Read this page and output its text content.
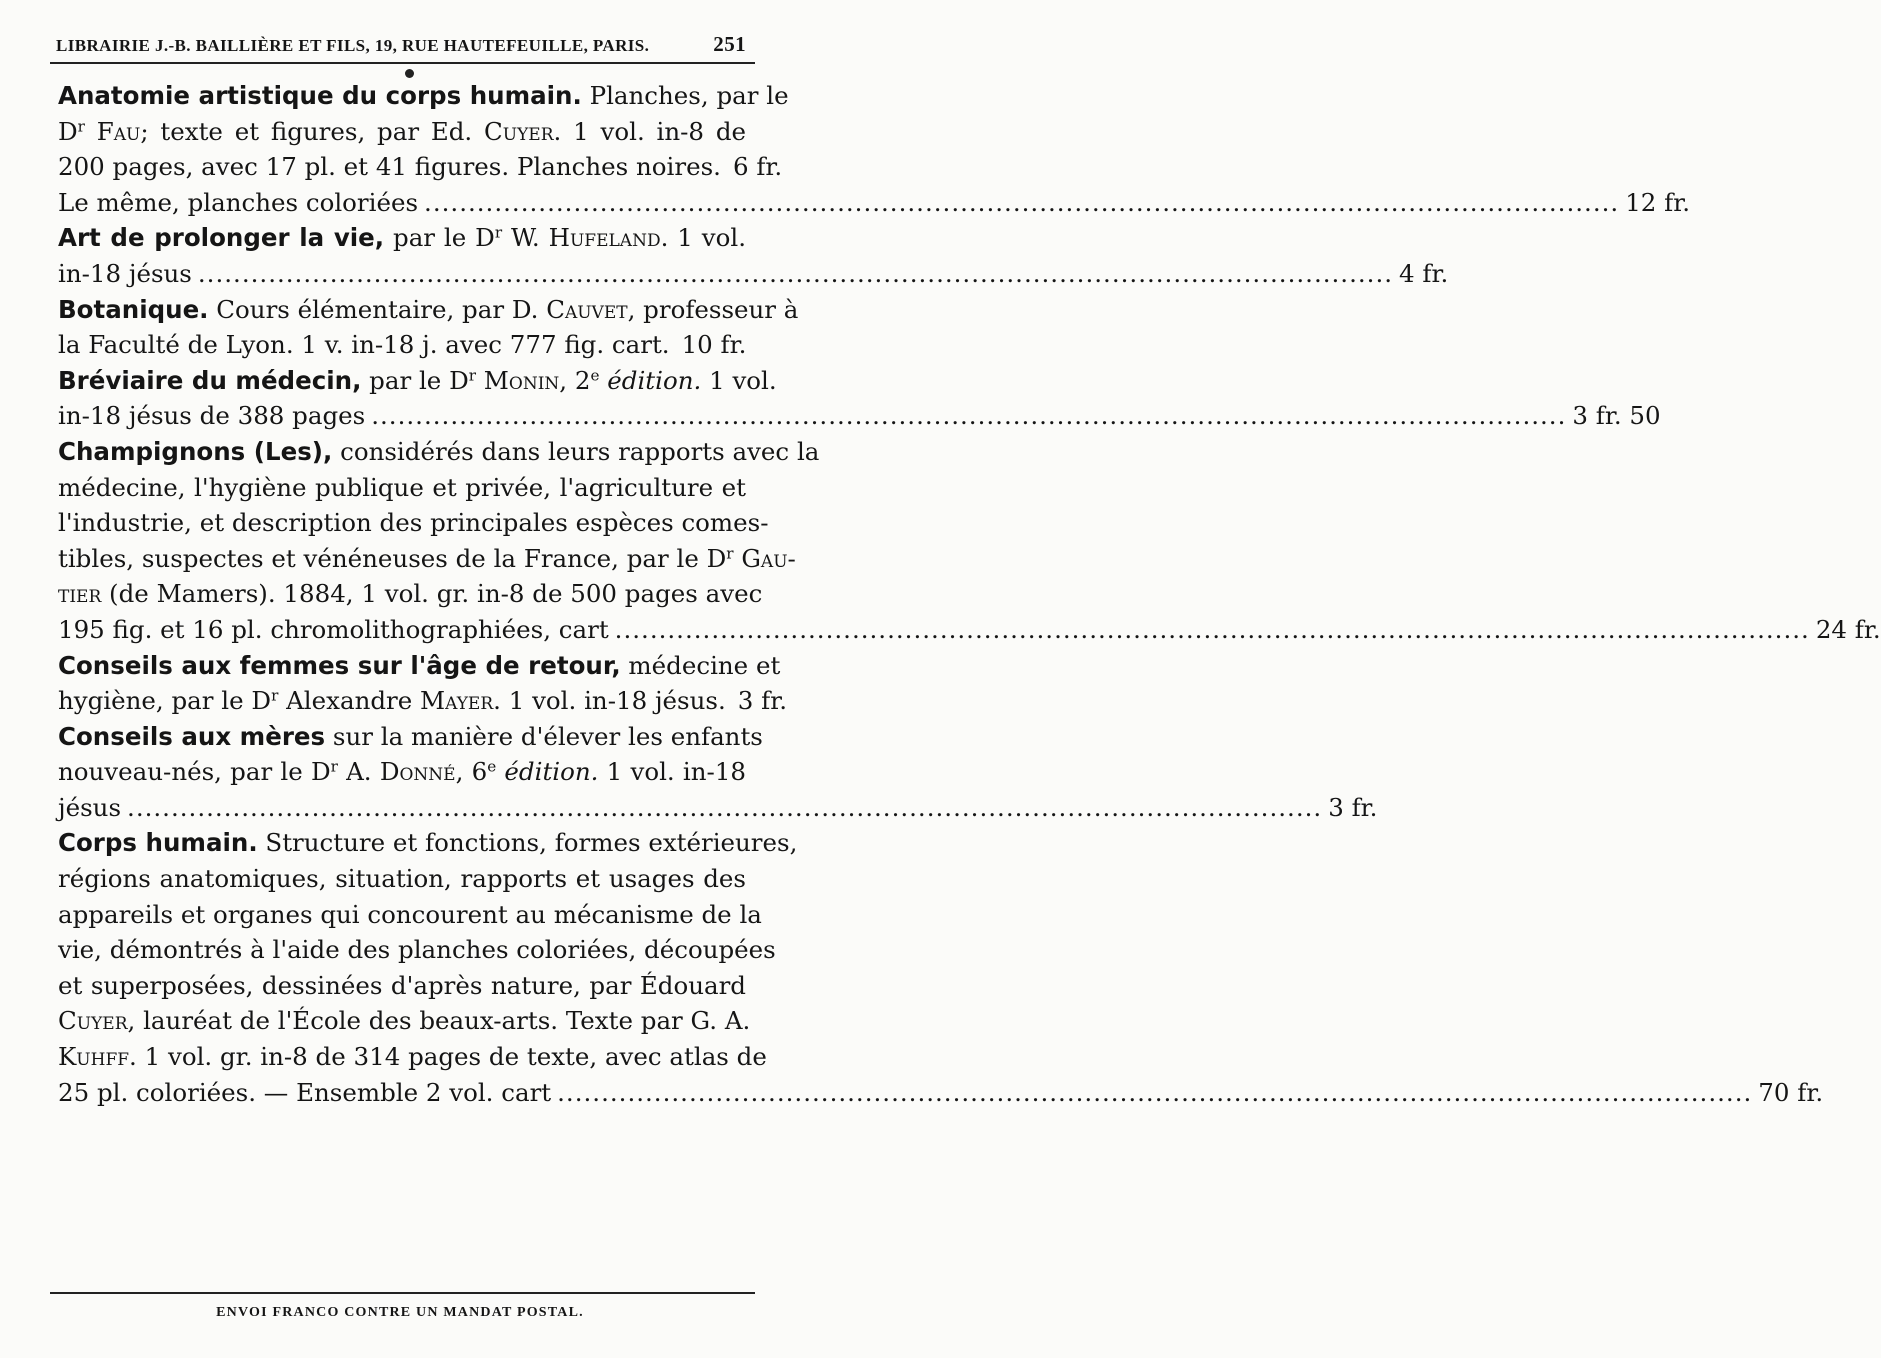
LIBRAIRIE J.-B. BAILLIÈRE ET FILS, 19, RUE HAUTEFEUILLE, PARIS.	251
Anatomie artistique du corps humain. Planches, par le
$D^r$ Fau; texte et figures, par Ed. Cuyer. 1 vol. in-8 de
200 pages, avec 17 pl. et 41 figures. Planches noires. 6 fr.
Le même, planches coloriées .....	12 fr.
Art de prolonger la vie, par le $D^r$ W. Hufeland. 1 vol.
in-18 jésus .....	4 fr.
Botanique. Cours élémentaire, par D. Cauvet, professeur à
la Faculté de Lyon. 1 v. in-18 j. avec 777 fig. cart. 10 fr.
Bréviaire du médecin, par le $D^r$ Monin, 2e édition. 1 vol.
in-18 jésus de 388 pages .....	3 fr. 50
Champignons (Les), considérés dans leurs rapports avec la
médecine, l'hygiène publique et privée, l'agriculture et
l'industrie, et description des principales espèces comes-
tibles, suspectes et vénéneuses de la France, par le $D^r$ Gau-
tier (de Mamers). 1884, 1 vol. gr. in-8 de 500 pages avec
195 fig. et 16 pl. chromolithographiées, cart .....	24 fr.
Conseils aux femmes sur l'âge de retour, médecine et
hygiène, par le $D^r$ Alexandre Mayer. 1 vol. in-18 jésus. 3 fr.
Conseils aux mères sur la manière d'élever les enfants
nouveau-nés, par le $D^r$ A. Donné, 6e édition. 1 vol. in-18
jésus .....	3 fr.
Corps humain. Structure et fonctions, formes extérieures,
régions anatomiques, situation, rapports et usages des
appareils et organes qui concourent au mécanisme de la
vie, démontrés à l'aide des planches coloriées, découpées
et superposées, dessinées d'après nature, par Édouard
Cuyer, lauréat de l'École des beaux-arts. Texte par G. A.
Kuhff. 1 vol. gr. in-8 de 314 pages de texte, avec atlas de
25 pl. coloriées. — Ensemble 2 vol. cart .....	70 fr.
ENVOI FRANCO CONTRE UN MANDAT POSTAL.
